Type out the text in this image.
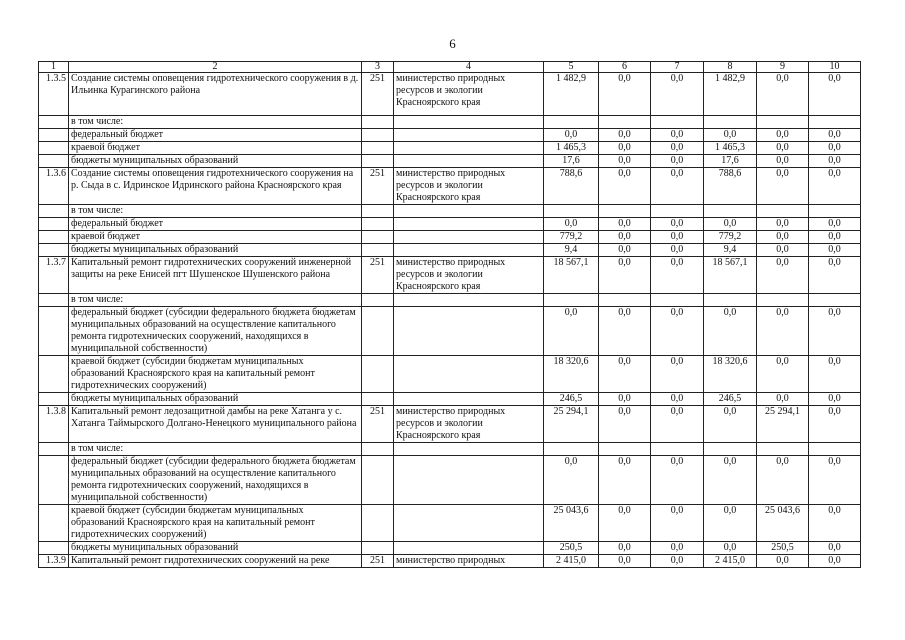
6
1	2	3	4	5	6	7	8	9	10
1.3.5	Создание системы оповещения гидротехнического сооружения в д. Ильинка Курагинского района	251	министерство природных ресурсов и экологии Красноярского края	1 482,9	0,0	0,0	1 482,9	0,0	0,0
	в том числе:								
	федеральный бюджет			0,0	0,0	0,0	0,0	0,0	0,0
	краевой бюджет			1 465,3	0,0	0,0	1 465,3	0,0	0,0
	бюджеты муниципальных образований			17,6	0,0	0,0	17,6	0,0	0,0
1.3.6	Создание системы оповещения гидротехнического сооружения на р. Сыда в с. Идринское Идринского района Красноярского края	251	министерство природных ресурсов и экологии Красноярского края	788,6	0,0	0,0	788,6	0,0	0,0
	в том числе:								
	федеральный бюджет			0,0	0,0	0,0	0,0	0,0	0,0
	краевой бюджет			779,2	0,0	0,0	779,2	0,0	0,0
	бюджеты муниципальных образований			9,4	0,0	0,0	9,4	0,0	0,0
1.3.7	Капитальный ремонт гидротехнических сооружений инженерной защиты на реке Енисей пгт Шушенское Шушенского района	251	министерство природных ресурсов и экологии Красноярского края	18 567,1	0,0	0,0	18 567,1	0,0	0,0
	в том числе:								
	федеральный бюджет (субсидии федерального бюджета бюджетам муниципальных образований на осуществление капитального ремонта гидротехнических сооружений, находящихся в муниципальной собственности)			0,0	0,0	0,0	0,0	0,0	0,0
	краевой бюджет (субсидии бюджетам муниципальных образований Красноярского края на капитальный ремонт гидротехнических сооружений)			18 320,6	0,0	0,0	18 320,6	0,0	0,0
	бюджеты муниципальных образований			246,5	0,0	0,0	246,5	0,0	0,0
1.3.8	Капитальный ремонт ледозащитной дамбы на реке Хатанга у с. Хатанга Таймырского Долгано-Ненецкого муниципального района	251	министерство природных ресурсов и экологии Красноярского края	25 294,1	0,0	0,0	0,0	25 294,1	0,0
	в том числе:								
	федеральный бюджет (субсидии федерального бюджета бюджетам муниципальных образований на осуществление капитального ремонта гидротехнических сооружений, находящихся в муниципальной собственности)			0,0	0,0	0,0	0,0	0,0	0,0
	краевой бюджет (субсидии бюджетам муниципальных образований Красноярского края на капитальный ремонт гидротехнических сооружений)			25 043,6	0,0	0,0	0,0	25 043,6	0,0
	бюджеты муниципальных образований			250,5	0,0	0,0	0,0	250,5	0,0
1.3.9	Капитальный ремонт гидротехнических сооружений на реке	251	министерство природных	2 415,0	0,0	0,0	2 415,0	0,0	0,0
